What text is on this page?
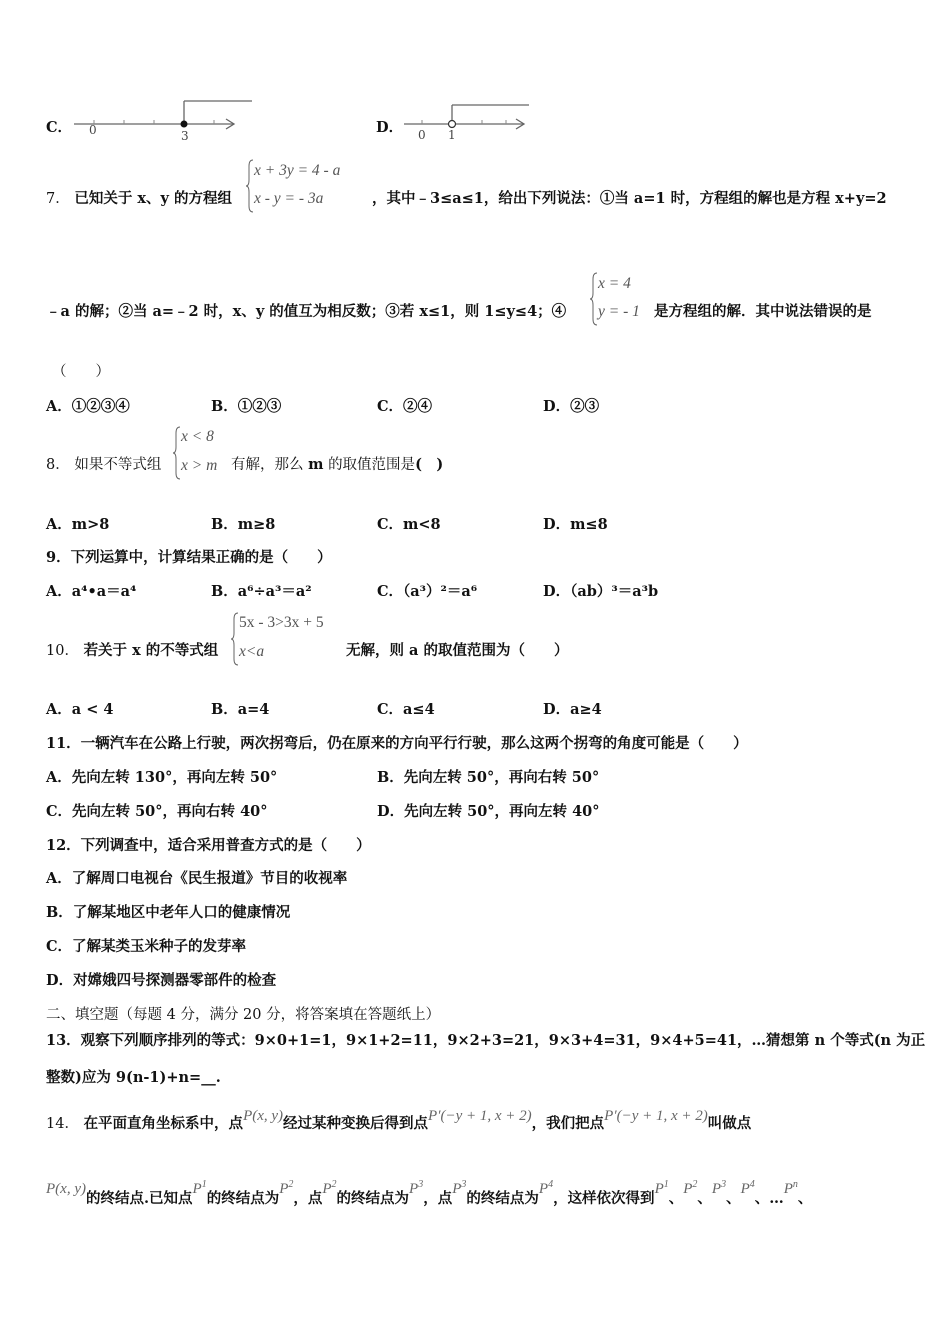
C． 0	3	D． 0 1
7． 已知关于 x、y 的方程组
x + 3y = 4 - a
x - y = - 3a	，其中﹣3≤a≤1，给出下列说法：①当 a=1 时，方程组的解也是方程 x+y=2
﹣a 的解；②当 a=﹣2 时，x、y 的值互为相反数；③若 x≤1，则 1≤y≤4；④
x = 4
y = - 1 是方程组的解．其中说法错误的是
（　　）
A．①②③④	B．①②③	C．②④	D．②③
8． 如果不等式组
x < 8
x > m 有解，那么 m 的取值范围是(　)
A．m>8	B．m≥8	C．m<8	D．m≤8
9．下列运算中，计算结果正确的是（　　）
A．a⁴•a＝a⁴	B．a⁶÷a³＝a²	C．（a³）²＝a⁶	D．（ab）³＝a³b
10． 若关于 x 的不等式组
5x - 3>3x + 5
x<a	无解，则 a 的取值范围为（　　）
A．a < 4	B．a=4	C．a≤4	D．a≥4
11．一辆汽车在公路上行驶，两次拐弯后，仍在原来的方向平行行驶，那么这两个拐弯的角度可能是（　　）
A．先向左转 130°，再向左转 50°	B．先向左转 50°，再向右转 50°
C．先向左转 50°，再向右转 40°	D．先向左转 50°，再向左转 40°
12．下列调查中，适合采用普查方式的是（　　）
A．了解周口电视台《民生报道》节目的收视率
B．了解某地区中老年人口的健康情况
C．了解某类玉米种子的发芽率
D．对嫦娥四号探测器零部件的检查
二、填空题（每题 4 分，满分 20 分，将答案填在答题纸上）
13．观察下列顺序排列的等式：9×0+1=1，9×1+2=11，9×2+3=21，9×3+4=31，9×4+5=41，…猜想第 n 个等式(n 为正
整数)应为 9(n-1)+n=__.
14． 在平面直角坐标系中，点P(x, y)经过某种变换后得到点P′(−y + 1, x + 2)，我们把点P′(−y + 1, x + 2)叫做点
P(x, y)的终结点.已知点$P^1$的终结点为$P^2$，点$P^2$的终结点为$P^3$，点$P^3$的终结点为$P^4$，这样依次得到$P^1$、$P^2$、$P^3$、$P^4$、$\dots P^n$、
